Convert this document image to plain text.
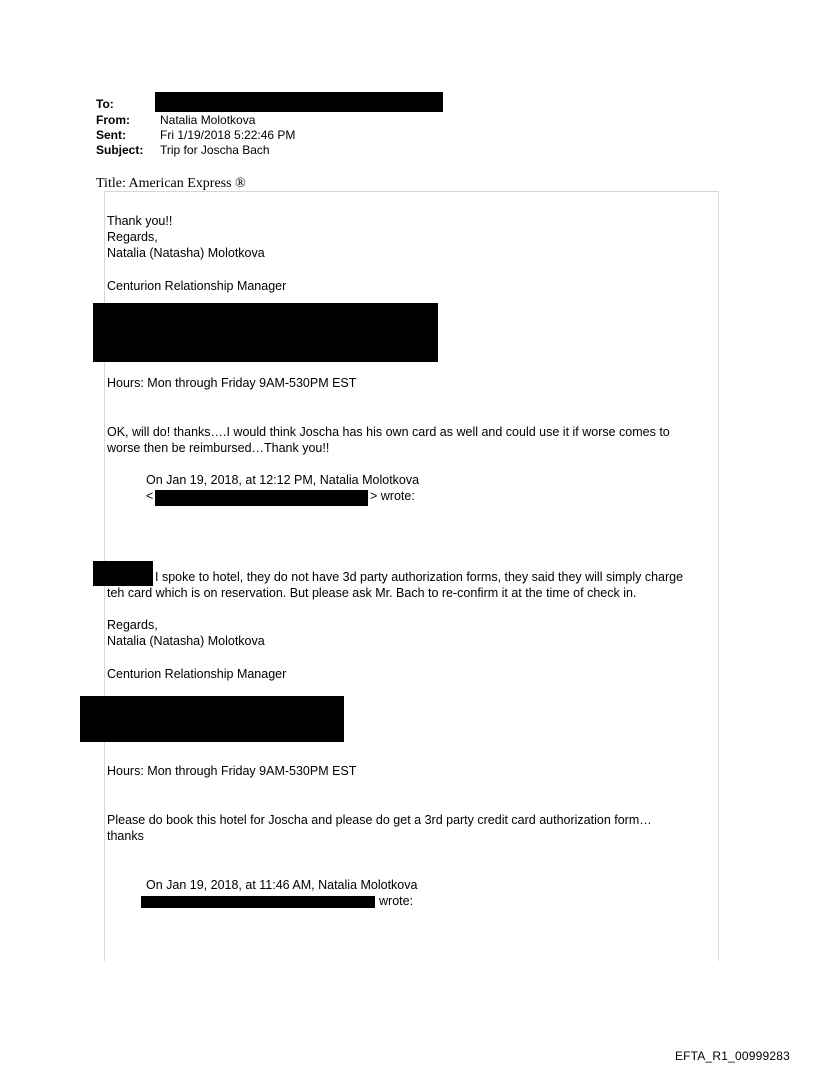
To:
From:	Natalia Molotkova
Sent:	Fri 1/19/2018 5:22:46 PM
Subject: Trip for Joscha Bach
Title: American Express ®
Thank you!!
Regards,
Natalia (Natasha) Molotkova
Centurion Relationship Manager
Hours: Mon through Friday 9AM-530PM EST
OK, will do! thanks….I would think Joscha has his own card as well and could use it if worse comes to worse then be reimbursed…Thank you!!
On Jan 19, 2018, at 12:12 PM, Natalia Molotkova
<	> wrote:
I spoke to hotel, they do not have 3d party authorization forms, they said they will simply charge teh card which is on reservation. But please ask Mr. Bach to re-confirm it at the time of check in.
Regards,
Natalia (Natasha) Molotkova
Centurion Relationship Manager
Hours: Mon through Friday 9AM-530PM EST
Please do book this hotel for Joscha and please do get a 3rd party credit card authorization form…thanks
On Jan 19, 2018, at 11:46 AM, Natalia Molotkova
wrote:
EFTA_R1_00999283
